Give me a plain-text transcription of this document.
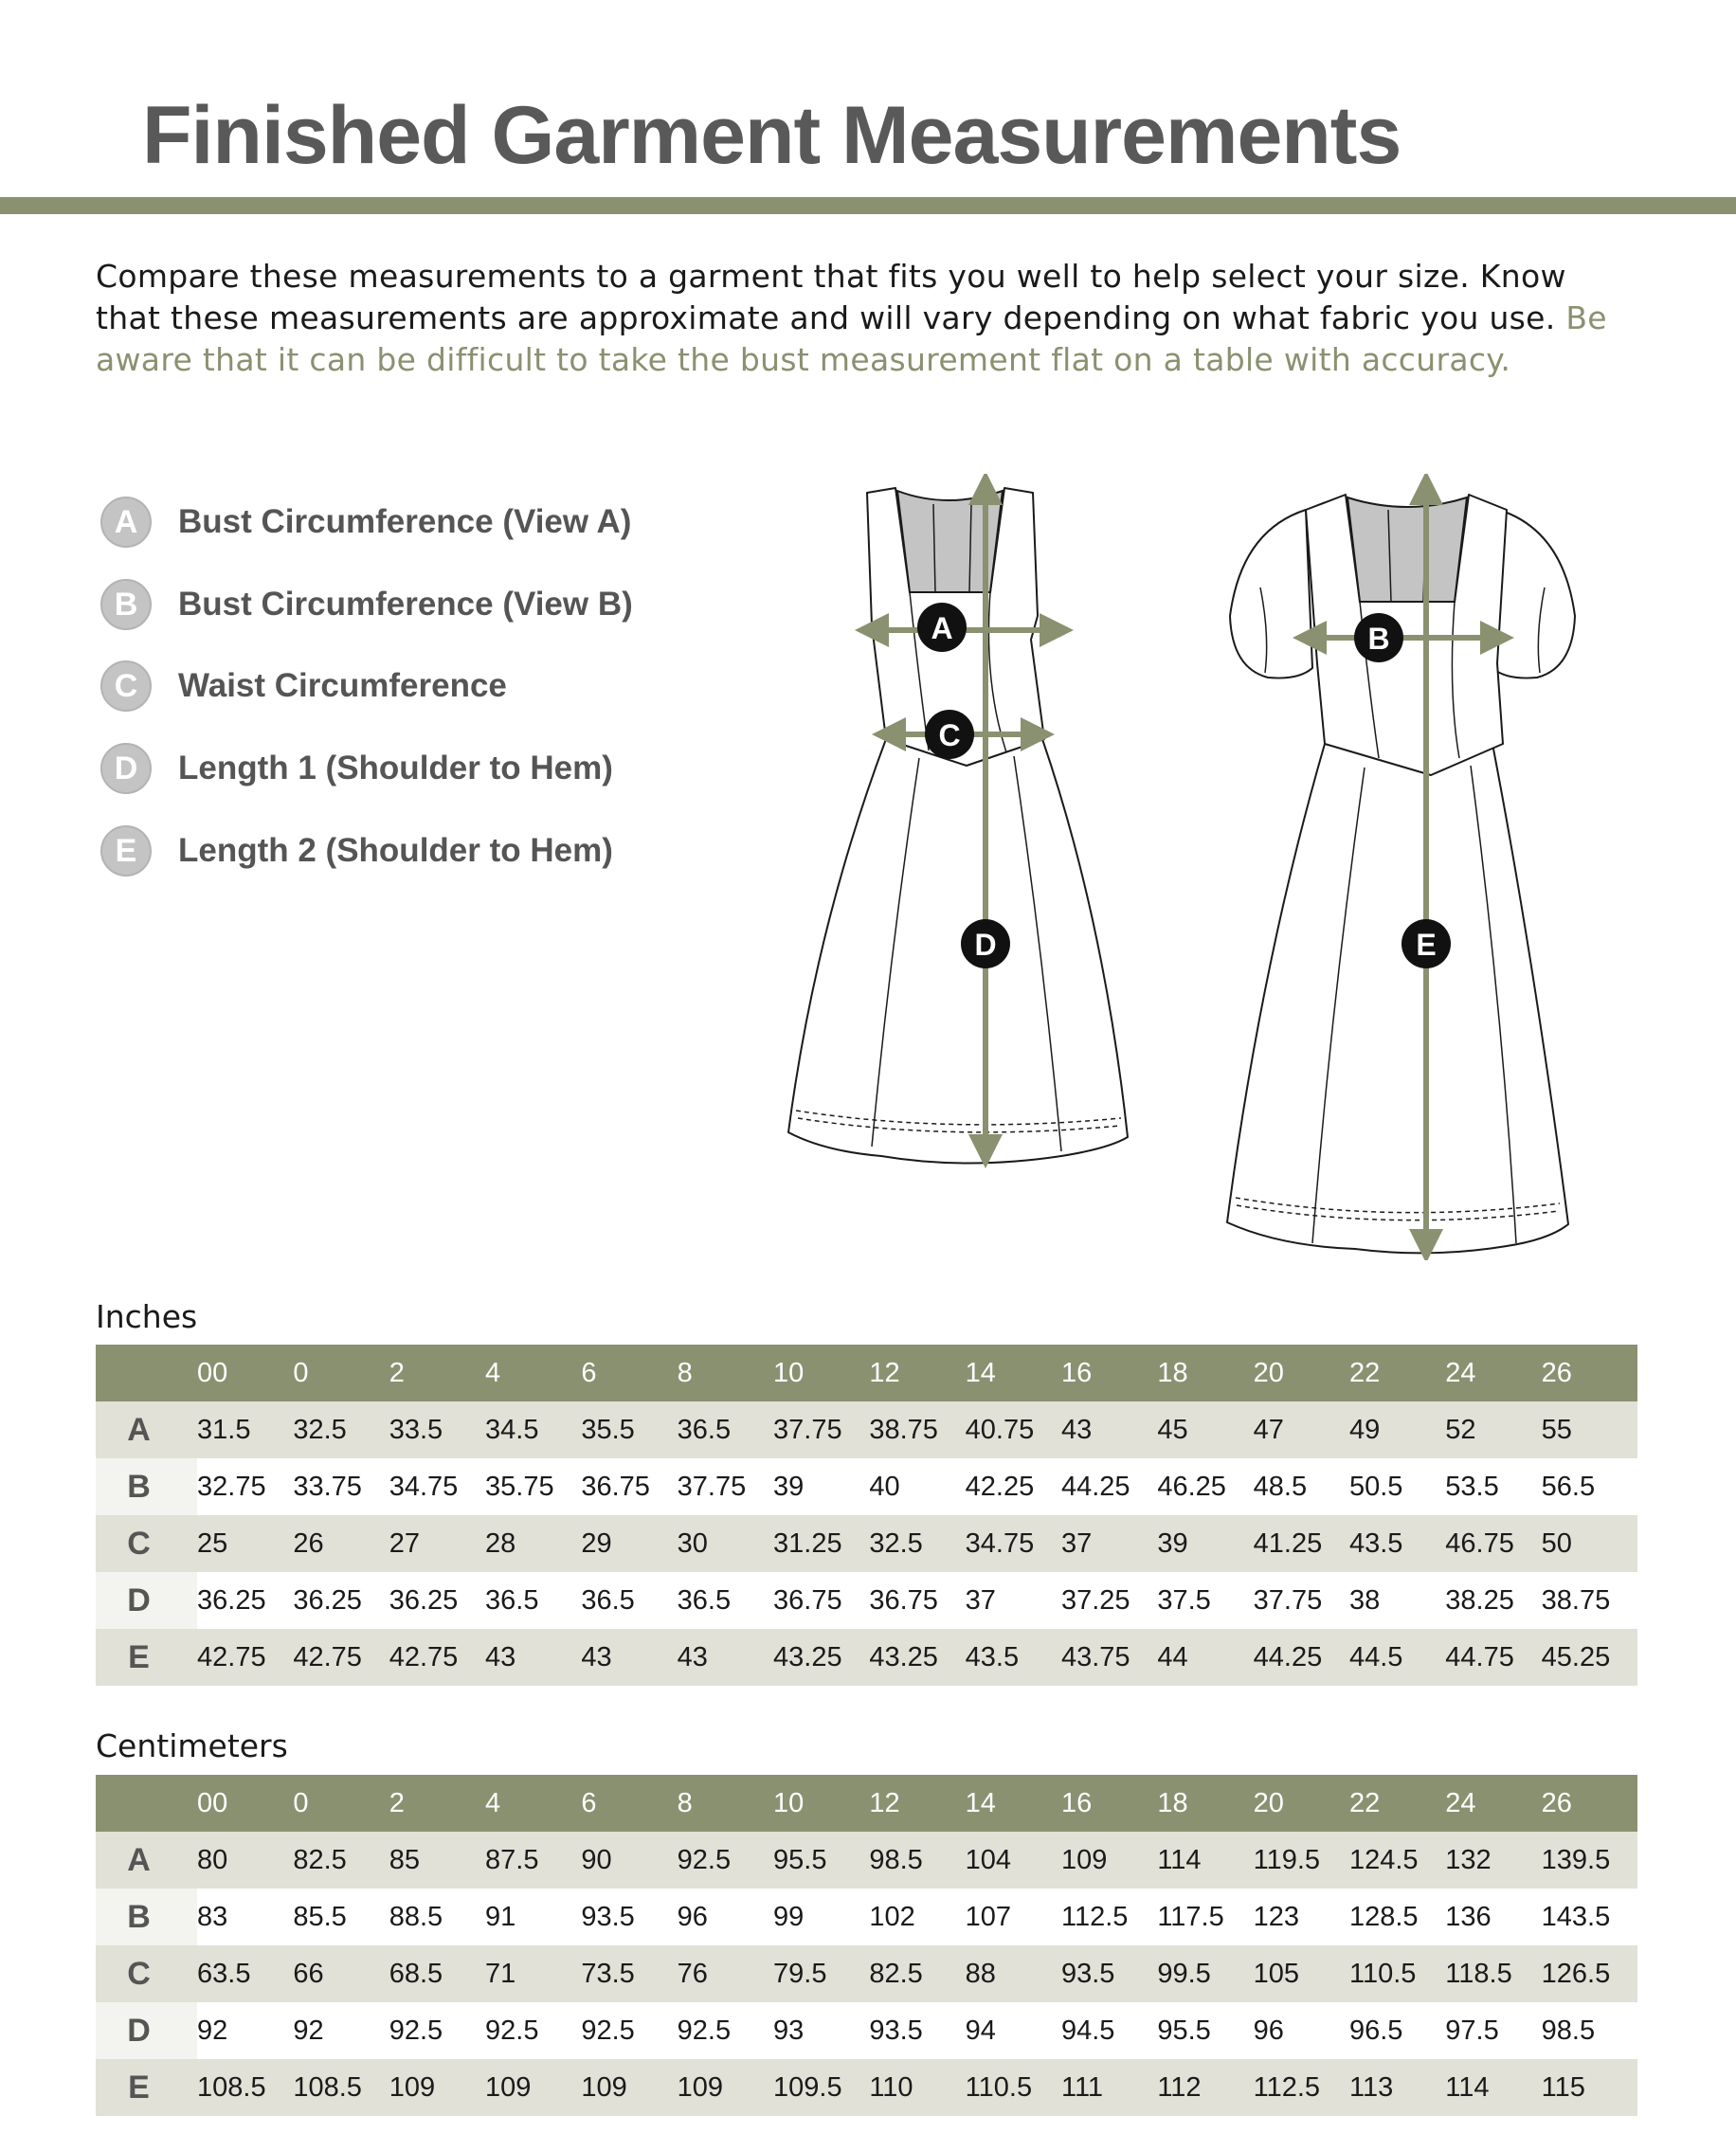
Finished Garment Measurements

Compare these measurements to a garment that fits you well to help select your size. Know that these measurements are approximate and will vary depending on what fabric you use. Be aware that it can be difficult to take the bust measurement flat on a table with accuracy.

A	Bust Circumference (View A)
B	Bust Circumference (View B)
C	Waist Circumference
D	Length 1 (Shoulder to Hem)
E	Length 2 (Shoulder to Hem)
A
C
D
B
E
Inches
	00	0	2	4	6	8	10	12	14	16	18	20	22	24	26
A	31.5	32.5	33.5	34.5	35.5	36.5	37.75	38.75	40.75	43	45	47	49	52	55
B	32.75	33.75	34.75	35.75	36.75	37.75	39	40	42.25	44.25	46.25	48.5	50.5	53.5	56.5
C	25	26	27	28	29	30	31.25	32.5	34.75	37	39	41.25	43.5	46.75	50
D	36.25	36.25	36.25	36.5	36.5	36.5	36.75	36.75	37	37.25	37.5	37.75	38	38.25	38.75
E	42.75	42.75	42.75	43	43	43	43.25	43.25	43.5	43.75	44	44.25	44.5	44.75	45.25
Centimeters
	00	0	2	4	6	8	10	12	14	16	18	20	22	24	26
A	80	82.5	85	87.5	90	92.5	95.5	98.5	104	109	114	119.5	124.5	132	139.5
B	83	85.5	88.5	91	93.5	96	99	102	107	112.5	117.5	123	128.5	136	143.5
C	63.5	66	68.5	71	73.5	76	79.5	82.5	88	93.5	99.5	105	110.5	118.5	126.5
D	92	92	92.5	92.5	92.5	92.5	93	93.5	94	94.5	95.5	96	96.5	97.5	98.5
E	108.5	108.5	109	109	109	109	109.5	110	110.5	111	112	112.5	113	114	115
